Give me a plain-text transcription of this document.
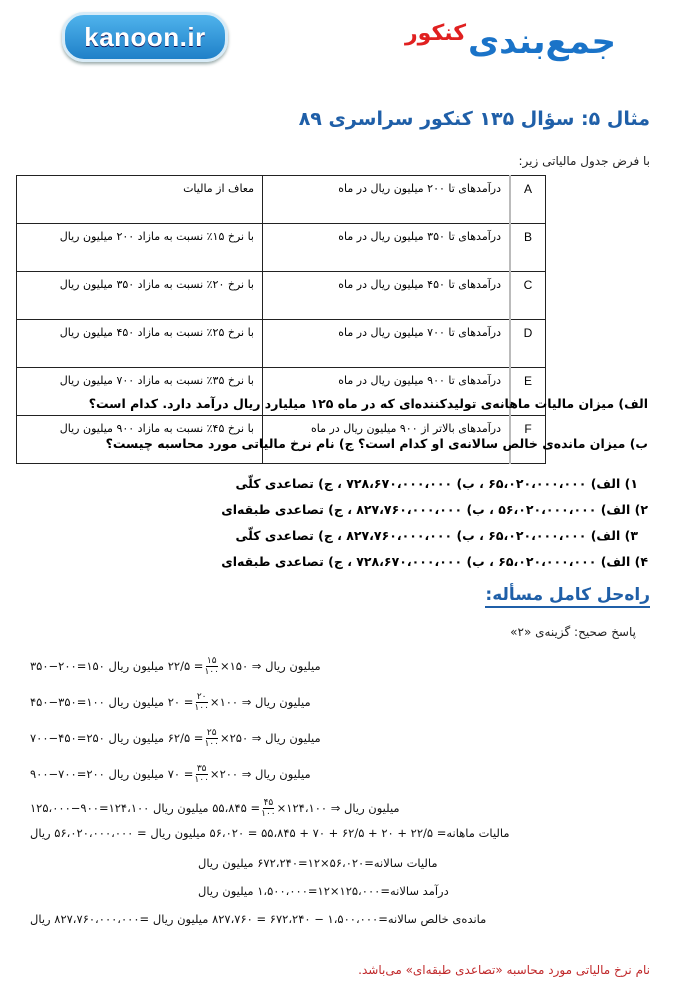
kanoon.ir	جمع‌بندی
کنکور
مثال ۵: سؤال ۱۳۵ کنکور سراسری ۸۹
با فرض جدول مالیاتی زیر:
A	درآمدهای تا ۲۰۰ میلیون ریال در ماه	معاف از مالیات
B	درآمدهای تا ۳۵۰ میلیون ریال در ماه	با نرخ ۱۵٪ نسبت به مازاد ۲۰۰ میلیون ریال
C	درآمدهای تا ۴۵۰ میلیون ریال در ماه	با نرخ ۲۰٪ نسبت به مازاد ۳۵۰ میلیون ریال
D	درآمدهای تا ۷۰۰ میلیون ریال در ماه	با نرخ ۲۵٪ نسبت به مازاد ۴۵۰ میلیون ریال
E	درآمدهای تا ۹۰۰ میلیون ریال در ماه	با نرخ ۳۵٪ نسبت به مازاد ۷۰۰ میلیون ریال
F	درآمدهای بالاتر از ۹۰۰ میلیون ریال در ماه	با نرخ ۴۵٪ نسبت به مازاد ۹۰۰ میلیون ریال
الف) میزان مالیات ماهانه‌ی تولیدکننده‌ای که در ماه ۱۲۵ میلیارد ریال درآمد دارد. کدام است؟
ب) میزان مانده‌ی خالص سالانه‌ی او کدام است؟ ج) نام نرخ مالیاتی مورد محاسبه چیست؟
۱) الف) ۶۵،۰۲۰،۰۰۰،۰۰۰ ، ب) ۷۲۸،۶۷۰،۰۰۰،۰۰۰ ، ج) تصاعدی کلّی
۲) الف) ۵۶،۰۲۰،۰۰۰،۰۰۰ ، ب) ۸۲۷،۷۶۰،۰۰۰،۰۰۰ ، ج) تصاعدی طبقه‌ای
۳) الف) ۶۵،۰۲۰،۰۰۰،۰۰۰ ، ب) ۸۲۷،۷۶۰،۰۰۰،۰۰۰ ، ج) تصاعدی کلّی
۴) الف) ۶۵،۰۲۰،۰۰۰،۰۰۰ ، ب) ۷۲۸،۶۷۰،۰۰۰،۰۰۰ ، ج) تصاعدی طبقه‌ای
راه‌حل کامل مسأله:
پاسخ صحیح: گزینه‌ی «۲»
۳۵۰−۲۰۰=۱۵۰ میلیون ریال ⇒ ۱۵۰×
$\frac{۱۵}{۱۰۰}$
= ۲۲/۵ میلیون ریال
۴۵۰−۳۵۰=۱۰۰ میلیون ریال ⇒ ۱۰۰×
$\frac{۲۰}{۱۰۰}$
= ۲۰ میلیون ریال
۷۰۰−۴۵۰=۲۵۰ میلیون ریال ⇒ ۲۵۰×
$\frac{۲۵}{۱۰۰}$
= ۶۲/۵ میلیون ریال
۹۰۰−۷۰۰=۲۰۰ میلیون ریال ⇒ ۲۰۰×
$\frac{۳۵}{۱۰۰}$
= ۷۰ میلیون ریال
۱۲۵،۰۰۰−۹۰۰=۱۲۴،۱۰۰ میلیون ریال ⇒ ۱۲۴،۱۰۰×
$\frac{۴۵}{۱۰۰}$
= ۵۵،۸۴۵ میلیون ریال
مالیات ماهانه= ۲۲/۵ + ۲۰ + ۶۲/۵ + ۷۰ + ۵۵،۸۴۵ = ۵۶،۰۲۰ میلیون ریال = ۵۶،۰۲۰،۰۰۰،۰۰۰ ریال
مالیات سالانه=۵۶،۰۲۰×۱۲=۶۷۲،۲۴۰ میلیون ریال
درآمد سالانه=۱۲۵،۰۰۰×۱۲=۱،۵۰۰،۰۰۰ میلیون ریال
مانده‌ی خالص سالانه=۱،۵۰۰،۰۰۰ − ۶۷۲،۲۴۰ = ۸۲۷،۷۶۰ میلیون ریال =۸۲۷،۷۶۰،۰۰۰،۰۰۰ ریال
نام نرخ مالیاتی مورد محاسبه «تصاعدی طبقه‌ای» می‌باشد.
